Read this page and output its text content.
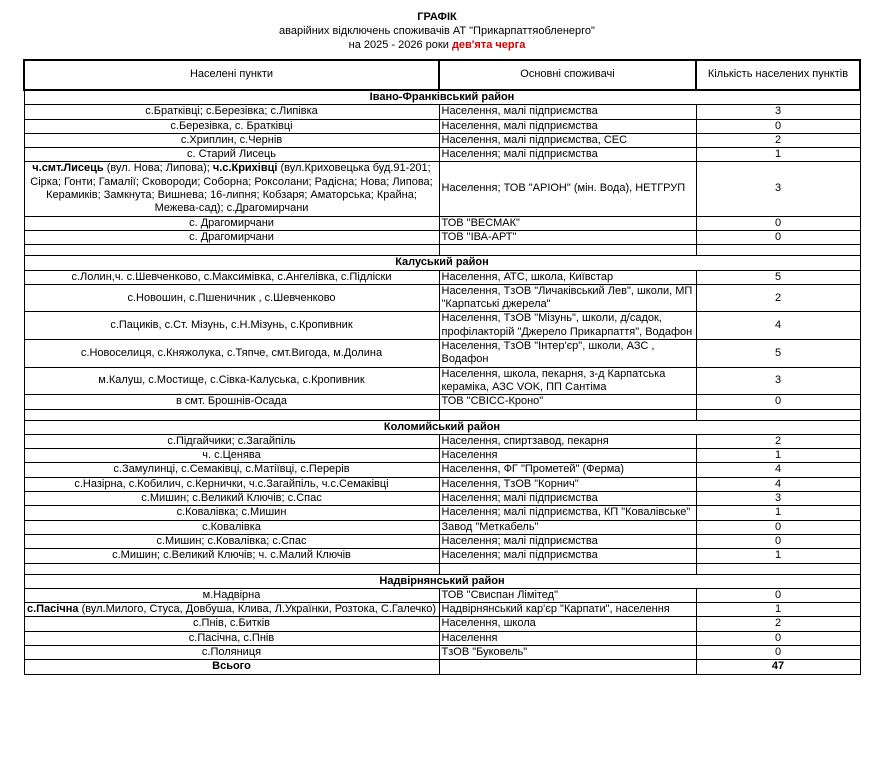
ГРАФІК
аварійних відключень споживачів АТ "Прикарпаттяобленерго"
на 2025 - 2026 роки дев'ята черга
Населені пункти	Основні споживачі	Кількість населених пунктів
Івано-Франківський район		
с.Братківці; с.Березівка; с.Липівка	Населення, малі підприємства	3
с.Березівка, с. Братківці	Населення, малі підприємства	0
с.Хриплин, с.Чернів	Населення, малі підприємства, СЕС	2
с. Старий Лисець	Населення; малі підприємства	1
ч.смт.Лисець (вул. Нова; Липова); ч.с.Крихівці (вул.Криховецька буд.91-201; Сірка; Гонти; Гамалії; Сковороди; Соборна; Роксолани; Радісна; Нова; Липова; Керамиків; Замкнута; Вишнева; 16-липня; Кобзаря; Аматорська; Крайна; Межева-сад); с.Драгомирчани	Населення; ТОВ "АРІОН" (мін. Вода), НЕТГРУП	3
с. Драгомирчани	ТОВ "ВЕСМАК"	0
с. Драгомирчани	ТОВ "ІВА-АРТ"	0

Калуський район		
с.Лолин,ч. с.Шевченково, с.Максимівка, с.Ангелівка, с.Підліски	Населення, АТС, школа, Київстар	5
с.Новошин, с.Пшеничник , с.Шевченково	Населення, ТзОВ "Личаківський Лев", школи, МП "Карпатські джерела"	2
с.Пациків, с.Ст. Мізунь, с.Н.Мізунь, с.Кропивник	Населення, ТзОВ "Мізунь", школи, д/садок, профілакторій "Джерело Прикарпаття", Водафон	4
с.Новоселиця, с.Княжолука, с.Тяпче, смт.Вигода, м.Долина	Населення, ТзОВ "Інтер'єр", школи, АЗС , Водафон	5
м.Калуш, с.Мостище, с.Сівка-Калуська, с.Кропивник	Населення, школа, пекарня, з-д Карпатська кераміка, АЗС VOK, ПП Сантіма	3
в смт. Брошнів-Осада	ТОВ "СВІСС-Кроно"	0

Коломийський район		
с.Підгайчики; с.Загайпіль	Населення, спиртзавод, пекарня	2
ч. с.Ценява	Населення	1
с.Замулинці, с.Семаківці, с.Матіївці, с.Перерів	Населення, ФГ "Прометей" (Ферма)	4
с.Назірна, с.Кобилич, с.Кернички, ч.с.Загайпіль, ч.с.Семаківці	Населення, ТзОВ "Корнич"	4
с.Мишин; с.Великий Ключів; с.Спас	Населення; малі підприємства	3
с.Ковалівка; с.Мишин	Населення; малі підприємства, КП "Ковалівське"	1
с.Ковалівка	Завод "Меткабель"	0
с.Мишин; с.Ковалівка; с.Спас	Населення; малі підприємства	0
с.Мишин; с.Великий Ключів; ч. с.Малий Ключів	Населення; малі підприємства	1

Надвірнянський район		
м.Надвірна	ТОВ "Свиспан Лімітед"	0
с.Пасічна (вул.Милого, Стуса, Довбуша, Клива, Л.Українки, Розтока, С.Галечко)	Надвірнянський кар'єр "Карпати", населення	1
с.Пнів, с.Битків	Населення, школа	2
с.Пасічна, с.Пнів	Населення	0
с.Поляниця	ТзОВ "Буковель"	0
Всього		47
